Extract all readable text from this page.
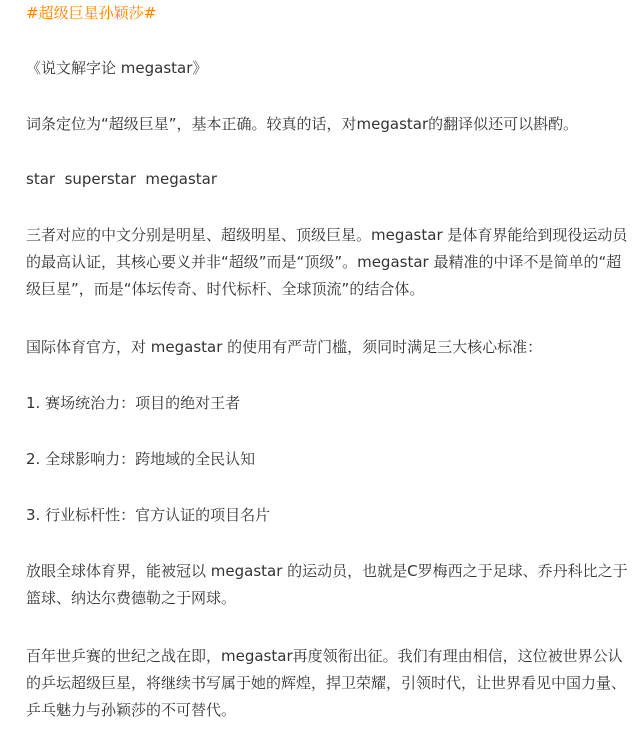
#超级巨星孙颖莎#

《说文解字论 megastar》

词条定位为“超级巨星”，基本正确。较真的话，对megastar的翻译似还可以斟酌。

star  superstar  megastar

三者对应的中文分别是明星、超级明星、顶级巨星。megastar 是体育界能给到现役运动员的最高认证，其核心要义并非“超级”而是“顶级”。megastar 最精准的中译不是简单的“超级巨星”，而是“体坛传奇、时代标杆、全球顶流”的结合体。

国际体育官方，对 megastar 的使用有严苛门槛，须同时满足三大核心标准：

1. 赛场统治力：项目的绝对王者

2. 全球影响力：跨地域的全民认知

3. 行业标杆性：官方认证的项目名片

放眼全球体育界，能被冠以 megastar 的运动员，也就是C罗梅西之于足球、乔丹科比之于篮球、纳达尔费德勒之于网球。

百年世乒赛的世纪之战在即，megastar再度领衔出征。我们有理由相信，这位被世界公认的乒坛超级巨星，将继续书写属于她的辉煌，捍卫荣耀，引领时代，让世界看见中国力量、乒乓魅力与孙颖莎的不可替代。
